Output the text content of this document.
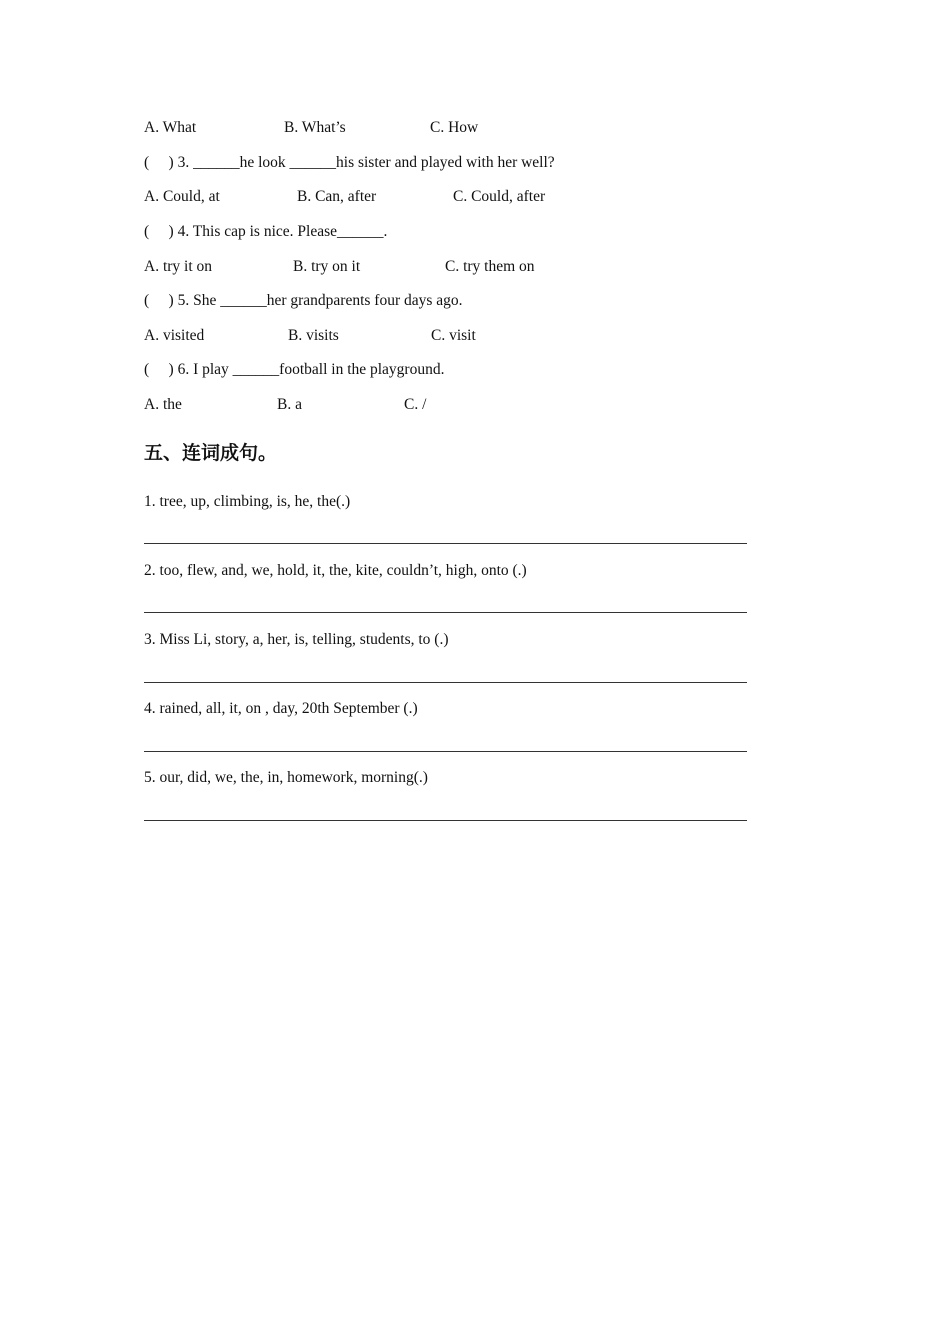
A. What

	B. What’s

	C. How

(     ) 3. ______he look ______his sister and played with her well?

A. Could, at

	B. Can, after

	C. Could, after

(     ) 4. This cap is nice. Please______.

A. try it on

	B. try on it

	C. try them on

(     ) 5. She ______her grandparents four days ago.

A. visited

	B. visits

	C. visit

(     ) 6. I play ______football in the playground.

A. the

	B. a

	C. /

五、连词成句。
1. tree, up, climbing, is, he, the(.)
2. too, flew, and, we, hold, it, the, kite, couldn’t, high, onto (.)
3. Miss Li, story, a, her, is, telling, students, to (.)
4. rained, all, it, on , day, 20th September (.)
5. our, did, we, the, in, homework, morning(.)
